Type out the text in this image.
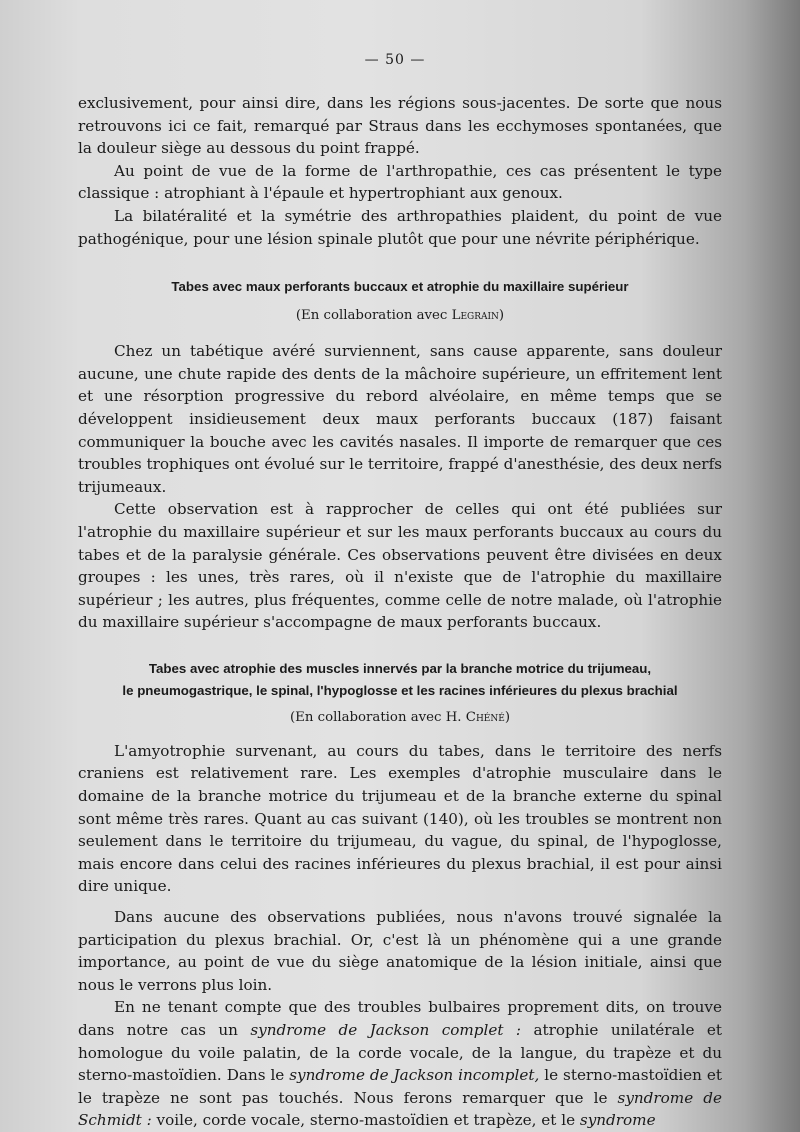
— 50 —

exclusivement, pour ainsi dire, dans les régions sous-jacentes. De sorte que nous retrouvons ici ce fait, remarqué par Straus dans les ecchymoses spontanées, que la douleur siège au dessous du point frappé.

Au point de vue de la forme de l'arthropathie, ces cas présentent le type classique : atrophiant à l'épaule et hypertrophiant aux genoux.

La bilatéralité et la symétrie des arthropathies plaident, du point de vue pathogénique, pour une lésion spinale plutôt que pour une névrite périphérique.

Tabes avec maux perforants buccaux et atrophie du maxillaire supérieur
(En collaboration avec Legrain)

Chez un tabétique avéré surviennent, sans cause apparente, sans douleur aucune, une chute rapide des dents de la mâchoire supérieure, un effritement lent et une résorption progressive du rebord alvéolaire, en même temps que se développent insidieusement deux maux perforants buccaux (187) faisant communiquer la bouche avec les cavités nasales. Il importe de remarquer que ces troubles trophiques ont évolué sur le territoire, frappé d'anesthésie, des deux nerfs trijumeaux.

Cette observation est à rapprocher de celles qui ont été publiées sur l'atrophie du maxillaire supérieur et sur les maux perforants buccaux au cours du tabes et de la paralysie générale. Ces observations peuvent être divisées en deux groupes : les unes, très rares, où il n'existe que de l'atrophie du maxillaire supérieur ; les autres, plus fréquentes, comme celle de notre malade, où l'atrophie du maxillaire supérieur s'accompagne de maux perforants buccaux.

Tabes avec atrophie des muscles innervés par la branche motrice du trijumeau,
le pneumogastrique, le spinal, l'hypoglosse et les racines inférieures du plexus brachial
(En collaboration avec H. Chéné)

L'amyotrophie survenant, au cours du tabes, dans le territoire des nerfs craniens est relativement rare. Les exemples d'atrophie musculaire dans le domaine de la branche motrice du trijumeau et de la branche externe du spinal sont même très rares. Quant au cas suivant (140), où les troubles se montrent non seulement dans le territoire du trijumeau, du vague, du spinal, de l'hypoglosse, mais encore dans celui des racines inférieures du plexus brachial, il est pour ainsi dire unique.

Dans aucune des observations publiées, nous n'avons trouvé signalée la participation du plexus brachial. Or, c'est là un phénomène qui a une grande importance, au point de vue du siège anatomique de la lésion initiale, ainsi que nous le verrons plus loin.

En ne tenant compte que des troubles bulbaires proprement dits, on trouve dans notre cas un syndrome de Jackson complet : atrophie unilatérale et homologue du voile palatin, de la corde vocale, de la langue, du trapèze et du sterno-mastoïdien. Dans le syndrome de Jackson incomplet, le sterno-mastoïdien et le trapèze ne sont pas touchés. Nous ferons remarquer que le syndrome de Schmidt : voile, corde vocale, sterno-mastoïdien et trapèze, et le syndrome
